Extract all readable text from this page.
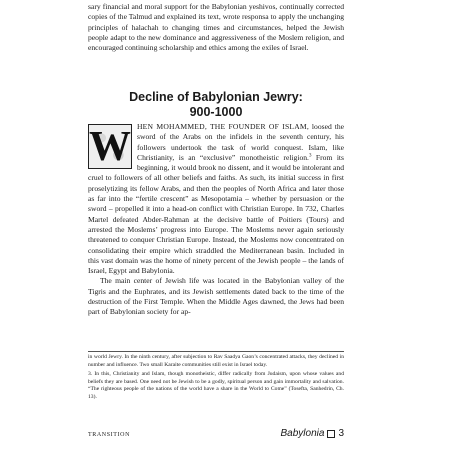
sary financial and moral support for the Babylonian yeshivos, continually corrected copies of the Talmud and explained its text, wrote responsa to apply the unchanging principles of halachah to changing times and circumstances, helped the Jewish people adapt to the new dominance and aggressiveness of the Moslem religion, and encouraged continuing scholarship and ethics among the exiles of Israel.

Decline of Babylonian Jewry:
900-1000

W HEN MOHAMMED, THE FOUNDER OF ISLAM, loosed the sword of the Arabs on the infidels in the seventh century, his followers undertook the task of world conquest. Islam, like Christianity, is an “exclusive” monotheistic religion.$^3$ From its beginning, it would brook no dissent, and it would be intolerant and cruel to followers of all other beliefs and faiths. As such, its initial success in first proselytizing its fellow Arabs, and then the peoples of North Africa and later those as far into the “fertile crescent” as Mesopotamia – whether by persuasion or the sword – propelled it into a head-on conflict with Christian Europe. In 732, Charles Martel defeated Abder-Rahman at the decisive battle of Poitiers (Tours) and arrested the Moslems’ progress into Europe. The Moslems never again seriously threatened to conquer Christian Europe. Instead, the Moslems now concentrated on consolidating their empire which straddled the Mediterranean basin. Included in this vast domain was the home of ninety percent of the Jewish people – the lands of Israel, Egypt and Babylonia.

The main center of Jewish life was located in the Babylonian valley of the Tigris and the Euphrates, and its Jewish settlements dated back to the time of the destruction of the First Temple. When the Middle Ages dawned, the Jews had been part of Babylonian society for ap-

in world Jewry. In the ninth century, after subjection to Rav Saadya Gaon’s concentrated attacks, they declined in number and influence. Two small Karaite communities still exist in Israel today.

3. In this, Christianity and Islam, though monotheistic, differ radically from Judaism, upon whose values and beliefs they are based. One need not be Jewish to be a godly, spiritual person and gain immortality and salvation. “The righteous people of the nations of the world have a share in the World to Come” (Tosefta, Sanhedrin, Ch. 13).

TRANSITION	Babylonia 3
